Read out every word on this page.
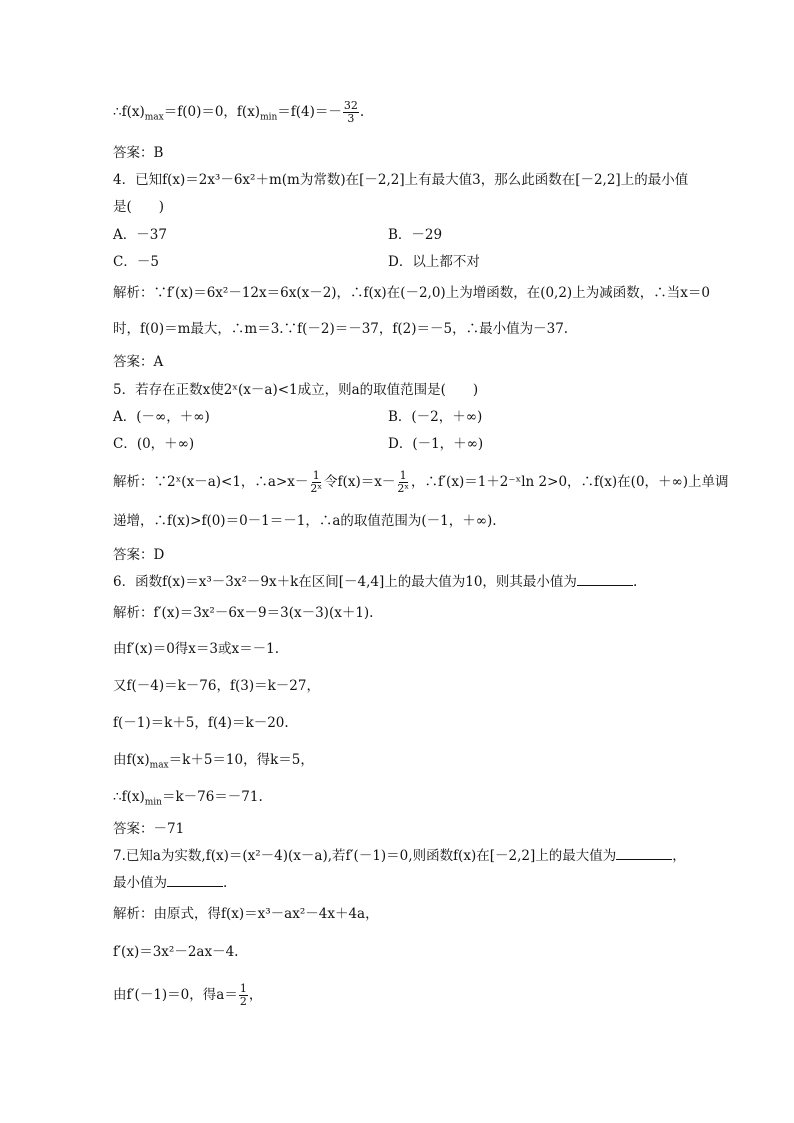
$\therefore f(x)_{max}=f(0)=0$，$f(x)_{min}=f(4)=- \frac{32}{3}$ .
答案：B
4．已知f(x)＝2x³－6x²＋m(m为常数)在[－2,2]上有最大值3，那么此函数在[－2,2]上的最小值
是(　　)
A．－37	B．－29
C．－5	D．以上都不对
解析：∵f′(x)＝6x²－12x＝6x(x－2)，∴f(x)在(－2,0)上为增函数，在(0,2)上为减函数，∴当x＝0
时，f(0)＝m最大，∴m＝3.∵f(－2)＝－37，f(2)＝－5，∴最小值为－37.
答案：A
5．若存在正数x使2ˣ(x－a)<1成立，则a的取值范围是(　　)
A．(－∞，＋∞)	B．(－2，＋∞)
C．(0，＋∞)	D．(－1，＋∞)
解析：∵2ˣ(x－a)<1，∴a>x－ $\frac{1}{\text{2ˣ}}$ 令$f(x)=x- \frac{1}{\text{2ˣ}}$ ，∴f′(x)＝1＋2⁻ˣln 2>0，∴f(x)在(0，＋∞)上单调
递增，∴f(x)>f(0)＝0－1＝－1，∴a的取值范围为(－1，＋∞).
答案：D
6．函数f(x)＝x³－3x²－9x＋k在区间[－4,4]上的最大值为10，则其最小值为	.
解析：f′(x)＝3x²－6x－9＝3(x－3)(x＋1).
由f′(x)＝0得x＝3或x＝－1.
又f(－4)＝k－76，f(3)＝k－27，
f(－1)＝k＋5，f(4)＝k－20.
由$f(x)_{max}=k+5=10$，得k＝5，
$\therefore f(x)_{min}=k-76=-71$.
答案：－71
7.已知a为实数,f(x)＝(x²－4)(x－a),若f′(－1)＝0,则函数f(x)在[－2,2]上的最大值为	，
最小值为	.
解析：由原式，得f(x)＝x³－ax²－4x＋4a，
f′(x)＝3x²－2ax－4.
由f′(－1)＝0，得$a= \frac{1}{2}$ ，
